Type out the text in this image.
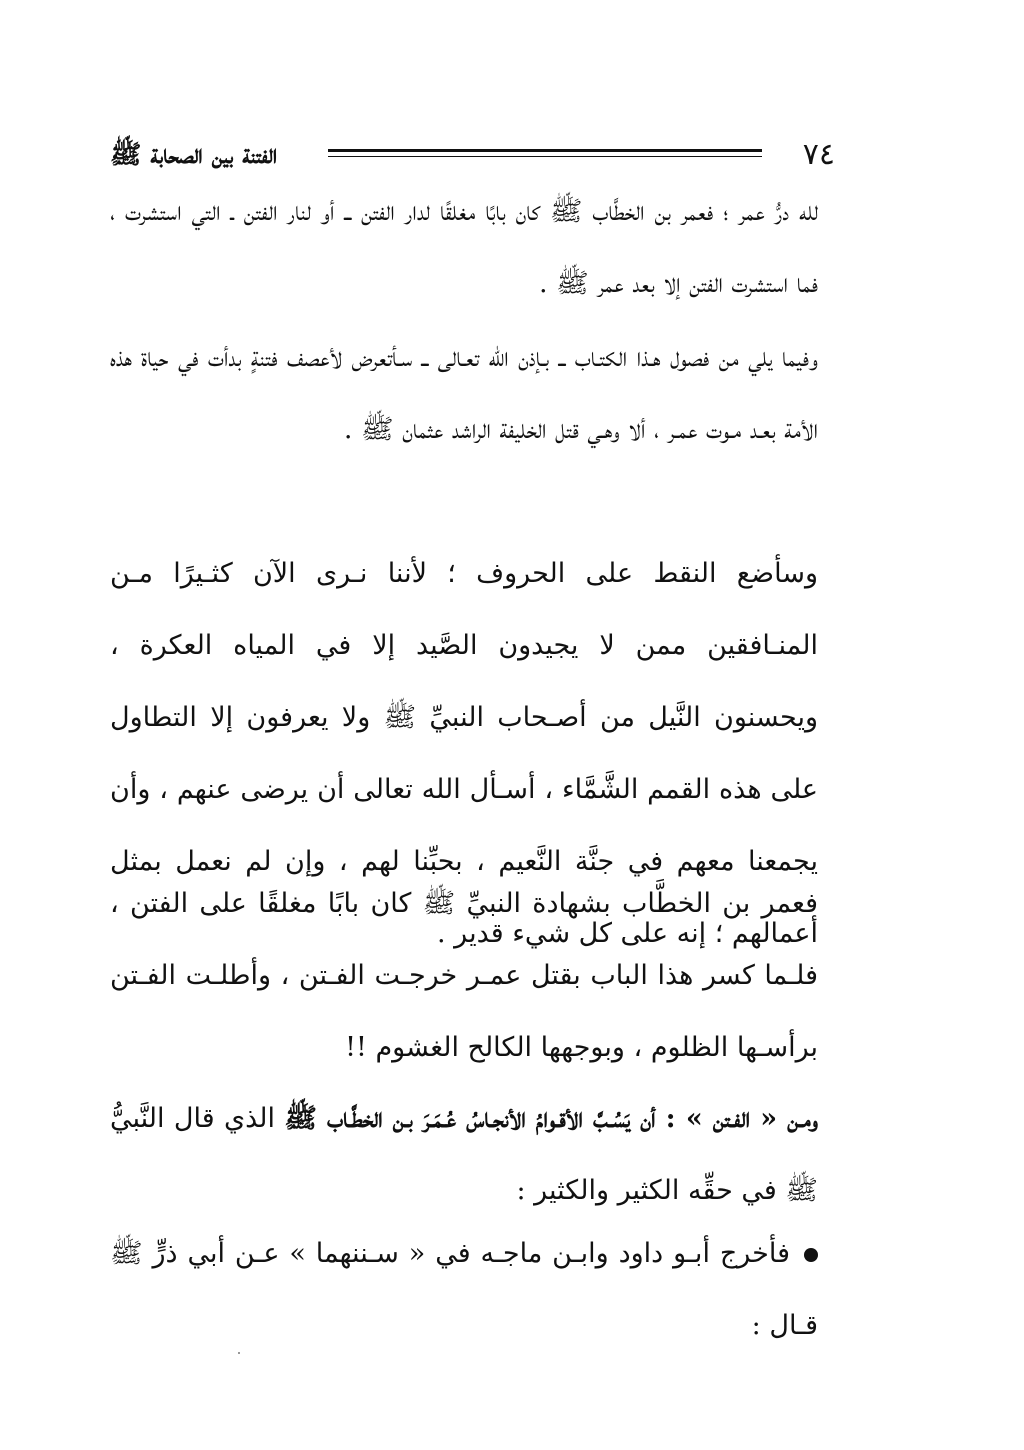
الفتنة بين الصحابة ﷺ	٧٤

لله درُّ عمر ؛ فعمر بن الخطَّاب ﷺ كان بابًا مغلقًا لدار الفتن ــ أو لنار الفتن ـ التي استشرت ، فما استشرت الفتن إلا بعد عمر ﷺ .

وفيما يلي من فصول هـذا الكتـاب ــ بـإذن الله تعـالى ــ سـأتعرض لأعصف فتنةٍ بدأت في حياة هذه الأمة بعـد مـوت عمـر ، ألا وهـي قتل الخليفة الراشد عثمان ﷺ .

وسأضع النقط على الحروف ؛ لأننا نـرى الآن كثـيرًا مـن المنـافقين ممن لا يجيدون الصَّيد إلا في المياه العكرة ، ويحسنون النَّيل من أصـحاب النبيِّ ﷺ ولا يعرفون إلا التطاول على هذه القمم الشَّمَّاء ، أسـأل الله تعالى أن يرضى عنهم ، وأن يجمعنا معهم في جنَّة النَّعيم ، بحبِّنا لهم ، وإن لم نعمل بمثل أعمالهم ؛ إنه على كل شيء قدير .

فعمر بن الخطَّاب بشهادة النبيِّ ﷺ كان بابًا مغلقًا على الفتن ، فلـما كسر هذا الباب بقتل عمـر خرجـت الفـتن ، وأطلـت الفـتن برأسـها الظلوم ، وبوجهها الكالح الغشوم !!

ومـن « الفـتن » : أن يَسُـبَّ الأقـوامُ الأنجـاسُ عُـمَـرَ بـن الخطَّـاب ﷺ الذي قال النَّبيُّ ﷺ في حقِّه الكثير والكثير :

فأخرج أبـو داود وابـن ماجـه في « سـننهما » عـن أبي ذرٍّ ﷺ قـال :
